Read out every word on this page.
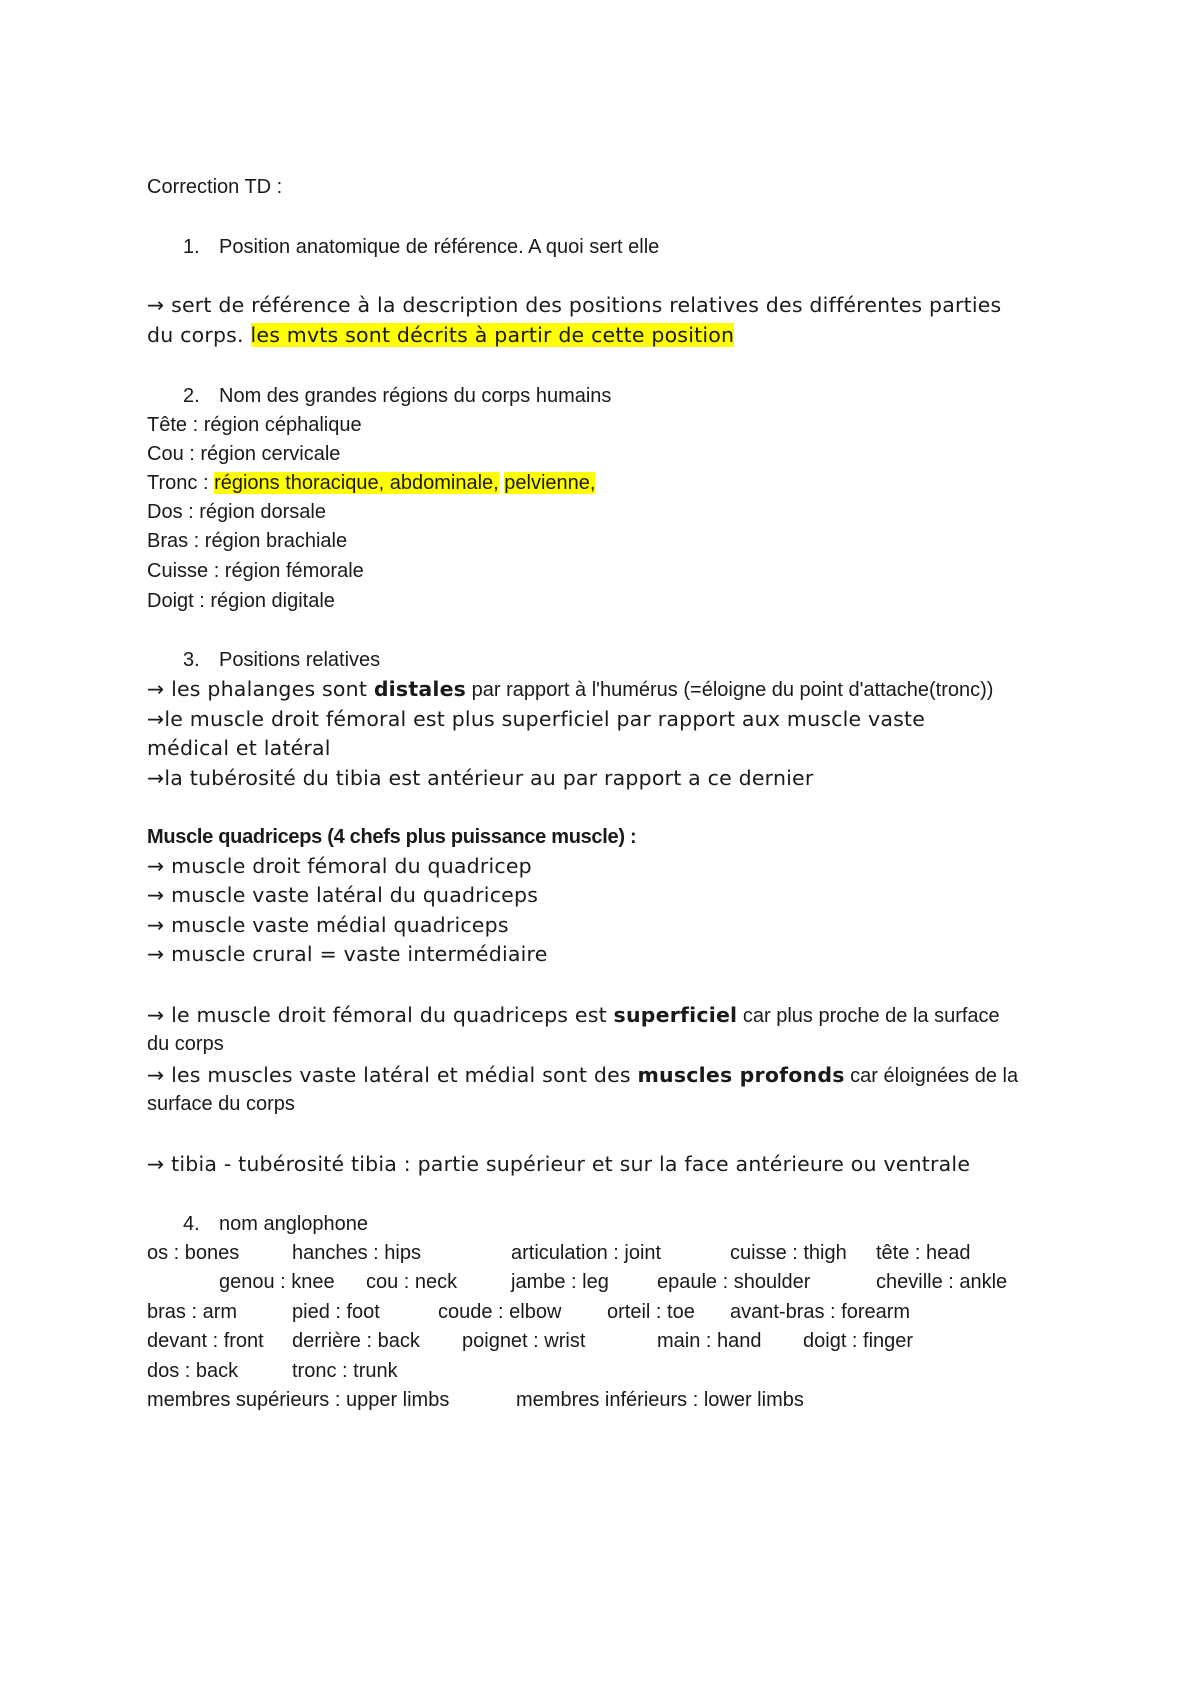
Correction TD :
1. Position anatomique de référence. A quoi sert elle
→ sert de référence à la description des positions relatives des différentes parties
du corps. les mvts sont décrits à partir de cette position
2. Nom des grandes régions du corps humains
Tête : région céphalique
Cou : région cervicale
Tronc : régions thoracique, abdominale, pelvienne,
Dos : région dorsale
Bras : région brachiale
Cuisse : région fémorale
Doigt : région digitale
3. Positions relatives
→ les phalanges sont distales par rapport à l'humérus (=éloigne du point d'attache(tronc))
→le muscle droit fémoral est plus superficiel par rapport aux muscle vaste
médical et latéral
→la tubérosité du tibia est antérieur au par rapport a ce dernier
Muscle quadriceps (4 chefs plus puissance muscle) :
→ muscle droit fémoral du quadricep
→ muscle vaste latéral du quadriceps
→ muscle vaste médial quadriceps
→ muscle crural = vaste intermédiaire
→ le muscle droit fémoral du quadriceps est superficiel car plus proche de la surface
du corps
→ les muscles vaste latéral et médial sont des muscles profonds car éloignées de la
surface du corps
→ tibia - tubérosité tibia : partie supérieur et sur la face antérieure ou ventrale
4. nom anglophone
os : bones	hanches : hips	articulation : joint	cuisse : thigh tête : head
genou : knee cou : neck	jambe : leg epaule : shoulder	cheville : ankle
bras : arm	pied : foot	coude : elbow orteil : toe avant-bras : forearm
devant : front derrière : back poignet : wrist	main : hand doigt : finger
dos : back	tronc : trunk
membres supérieurs : upper limbs	membres inférieurs : lower limbs
